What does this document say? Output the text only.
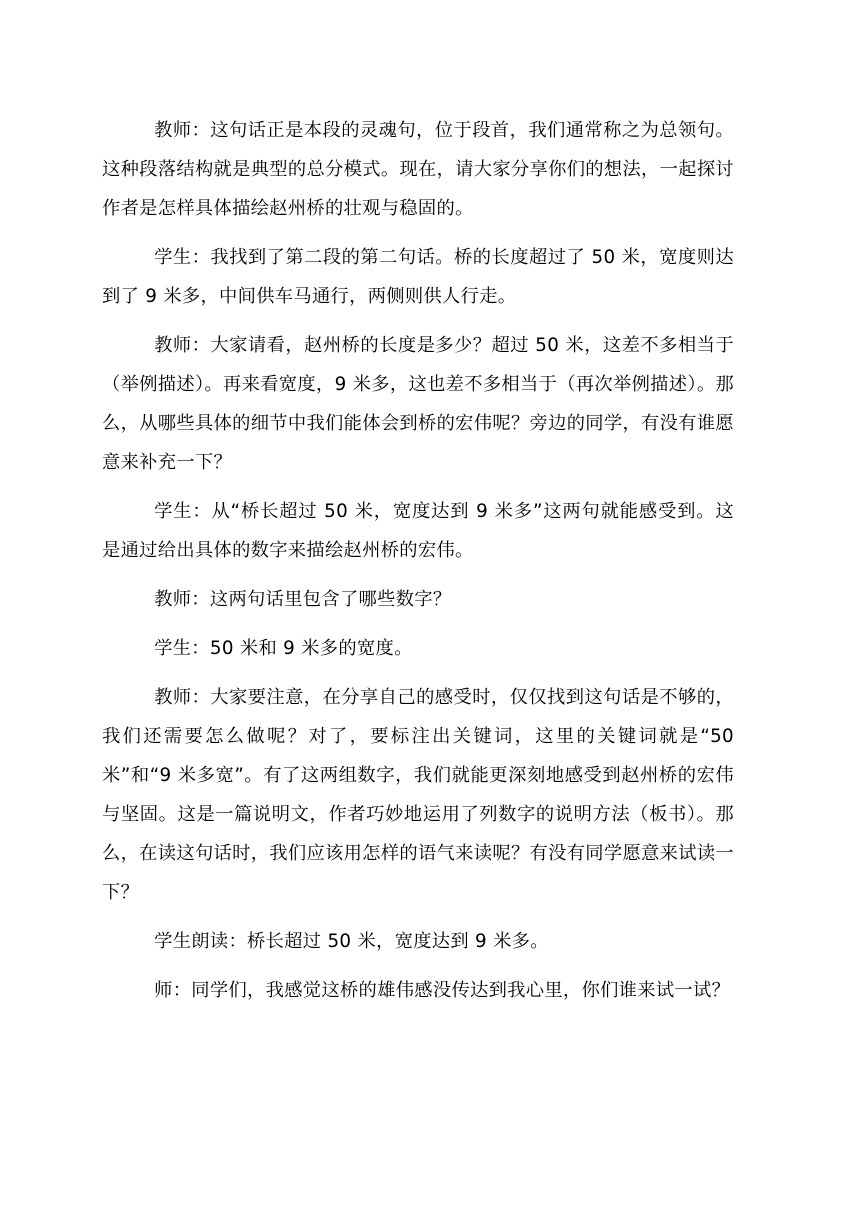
教师：这句话正是本段的灵魂句，位于段首，我们通常称之为总领句。这种段落结构就是典型的总分模式。现在，请大家分享你们的想法，一起探讨作者是怎样具体描绘赵州桥的壮观与稳固的。

学生：我找到了第二段的第二句话。桥的长度超过了 50 米，宽度则达到了 9 米多，中间供车马通行，两侧则供人行走。

教师：大家请看，赵州桥的长度是多少？超过 50 米，这差不多相当于（举例描述）。再来看宽度，9 米多，这也差不多相当于（再次举例描述）。那么，从哪些具体的细节中我们能体会到桥的宏伟呢？旁边的同学，有没有谁愿意来补充一下？

学生：从“桥长超过 50 米，宽度达到 9 米多”这两句就能感受到。这是通过给出具体的数字来描绘赵州桥的宏伟。

教师：这两句话里包含了哪些数字？

学生：50 米和 9 米多的宽度。

教师：大家要注意，在分享自己的感受时，仅仅找到这句话是不够的，我们还需要怎么做呢？对了，要标注出关键词，这里的关键词就是“50 米”和“9 米多宽”。有了这两组数字，我们就能更深刻地感受到赵州桥的宏伟与坚固。这是一篇说明文，作者巧妙地运用了列数字的说明方法（板书）。那么，在读这句话时，我们应该用怎样的语气来读呢？有没有同学愿意来试读一下？

学生朗读：桥长超过 50 米，宽度达到 9 米多。

师：同学们，我感觉这桥的雄伟感没传达到我心里，你们谁来试一试？
